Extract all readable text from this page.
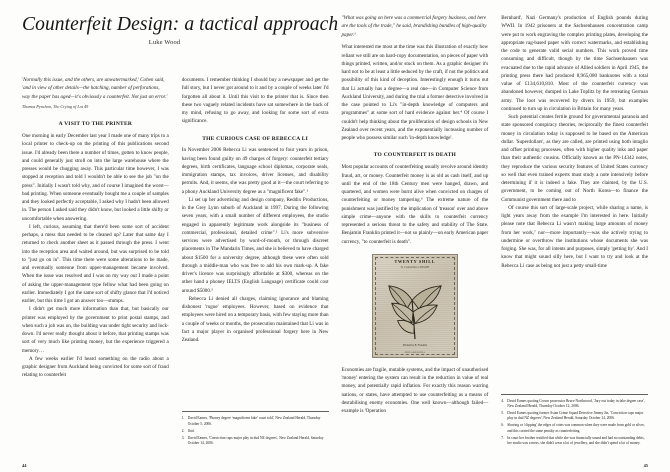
Counterfeit Design: a tactical approach
Luke Wood
'Normally this issue, and the others, are unwatermarked,' Cohen said, 'and in view of other details—the hatching, number of perforations, way the paper has aged—it's obviously a counterfeit. Not just an error.'
Thomas Pynchon, The Crying of Lot 49
A VISIT TO THE PRINTER

One morning in early December last year I made one of many trips to a local printer to check-up on the printing of this publications second issue. I'd already been there a number of times, gotten to know people, and could generally just stroll on into the large warehouse where the presses would be chugging away. This particular time however, I was stopped at reception and told I wouldn't be able to see the job "on the press". Initially I wasn't told why, and of course I imagined the worst—bad printing. When someone eventually bought me a couple of samples and they looked perfectly acceptable, I asked why I hadn't been allowed in. The person I asked said they didn't know, but looked a little shifty or uncomfortable when answering.

I left, curious, assuming that there'd been some sort of accident perhaps, a mess that needed to be cleaned up? Later that same day I returned to check another sheet as it passed through the press. I went into the reception area and waited around, but was surprised to be told to "just go on in". This time there were some alterations to be made, and eventually someone from upper-management became involved. When the issue was resolved and I was on my way out I made a point of asking the upper-management type fellow what had been going on earlier. Immediately I got the same sort of shifty glance that I'd noticed earlier, but this time I got an answer too—stumps.

I didn't get much more information than that, but basically our printer was employed by the government to print postal stamps, and when such a job was on, the building was under tight security and lock-down. I'd never really thought about it before, that printing stamps was sort of very much like printing money, but the experience triggered a memory…

A few weeks earlier I'd heard something on the radio about a graphic designer from Auckland being convicted for some sort of fraud relating to counterfeit

documents. I remember thinking I should buy a newspaper and get the full story, but I never got around to it and by a couple of weeks later I'd forgotten all about it. Until this visit to the printer that is. Since then these two vaguely related incidents have sat somewhere in the back of my mind, refusing to go away, and looking for some sort of extra significance.

THE CURIOUS CASE OF REBECCA LI

In November 2006 Rebecca Li was sentenced to four years in prison, having been found guilty on 49 charges of forgery: counterfeit tertiary degrees, birth certificates, language school diplomas, corporate seals, immigration stamps, tax invoices, driver licenses, and disability permits. And, it seems, she was pretty good at it—the court referring to a phony Auckland University degree as a "magnificent fake".¹

Li set up her advertising and design company, Reddix Productions, in the Grey Lynn suburb of Auckland in 1997. During the following seven years, with a small number of different employees, the studio engaged in apparently legitimate work alongside its "business of commercial, professional, detailed crime".² Li's more subversive services were advertised by word-of-mouth, or through discreet placements in The Mandarin Times, and she is believed to have charged about $1500 for a university degree, although these were often sold through a middle-man who was free to add his own mark-up. A fake driver's licence was surprisingly affordable at $300, whereas on the other hand a phoney IELTS (English Language) certificate could cost around $5000.³

Rebecca Li denied all charges, claiming ignorance and blaming dishonest 'rogue' employees. However, based on evidence that employees were hired on a temporary basis, with few staying more than a couple of weeks or months, the prosecution maintained that Li was in fact a major player in organised professional forgery here in New Zealand.

1. David Eames, 'Phoney degree ‘magnificent fake’ court told', New Zealand Herald, Thursday October 5, 2006.
2. Ibid.
3. David Eames, 'Conviction caps major play in dud NZ degrees', New Zealand Herald, Saturday October 14, 2006.
"What was going on here was a commercial forgery business, and here are the tools of the trade," he said, brandishing bundles of high-quality paper.¹

What interested me most at the time was this illustration of exactly how reliant we still are on hard-copy documentation, on pieces of paper with things printed, written, and/or stuck on them. As a graphic designer it's hard not to be at least a little seduced by the craft, if not the politics and possibility of this kind of deception. Interestingly enough it turns out that Li actually has a degree—a real one—in Computer Science from Auckland University, and during the trial a former detective involved in the case pointed to Li's "in-depth knowledge of computers and programmes" at some sort of hard evidence against her.⁴ Of course I couldn't help thinking about the proliferation of design schools in New Zealand over recent years, and the exponentially increasing number of people who possess similar such 'in-depth knowledge'.

TO COUNTERFEIT IS DEATH

Most popular accounts of counterfeiting usually revolve around identity fraud, art, or money. Counterfeit money is as old as cash itself, and up until the end of the 18th Century men were hanged, drawn, and quartered, and women were burnt alive when convicted on charges of counterfeiting or money tampering.⁶ The extreme nature of the punishment was justified by the implication of 'treason' over and above simple crime—anyone with the skills to counterfeit currency represented a serious threat to the safety and stability of The State. Benjamin Franklin printed it—not so plainly—on early American paper currency, "to counterfeit is death".

TWENTY SHILL
To Counterfeit is DEATH
Printed by B. Franklin
PHILADELPHIA

Economies are fragile, mutable systems, and the impact of unauthorised 'money' entering the system can result in the reduction in value of real money, and potentially rapid inflation. For exactly this reason warring nations, or states, have attempted to use counterfeiting as a means of destabilising enemy economies. One well known—although failed—example is 'Operation

Bernhard', Nazi Germany's production of English pounds during WWII. In 1942 prisoners at the Sachsenhausen concentration camp were put to work engraving the complex printing plates, developing the appropriate rag-based paper with correct watermarks, and establishing the code to generate valid serial numbers. This work proved time consuming and difficult, though by the time Sachsenhausen was evacuated due to the rapid advance of Allied soldiers in April 1945, the printing press there had produced 8,965,080 banknotes with a total value of £134,610,810. Most of the counterfeit currency was abandoned however, dumped in Lake Toplitz by the retreating German army. The loot was recovered by divers in 1959, but examples continued to turn up in circulation in Britain for many years.

Such potential creates fertile ground for governmental paranoia and state sponsored conspiracy theories, reciprocally the finest counterfeit money in circulation today is supposed to be based on the American dollar. 'Superdollars', as they are called, are printed using both intaglio and offset printing processes, often with higher quality inks and paper than their authentic cousins. Officially known as the PN-14342 notes, they reproduce the various security features of United States currency so well that even trained experts must study a note intensively before determining if it is indeed a fake. They are claimed, by the U.S. government, to be coming out of North Korea—to finance the Communist government there and to

Of course this sort of large-scale project, while sharing a name, is light years away from the example I'm interested in here. Initially please note that Rebecca Li wasn't making large amounts of money from her work,⁷ nor—more importantly—was she actively trying to undermine or overthrow the institutions whose documents she was forging. She was, for all intents and purposes, simply 'getting by'. And I know that might sound silly here, but I want to try and look at the Rebecca Li case as being not just a petty small-time

4. David Eames quoting Crown prosecutor Bruce Northwood, 'Jury out today in fake degree case', New Zealand Herald, Thursday October 12, 2006.
5. David Eames quoting former Asian Crime Squad Detective Jimmy Jin, 'Conviction caps major play in dud NZ degrees', New Zealand Herald, Saturday October 14, 2006.
6. Shaving or 'clipping' the edges of coins was common when they were made from gold or silver, and this carried the same penalty as counterfeiting.
7. In court her brother testified that while she was financially sound and had no outstanding debts, her studio was a mess, she didn't wear a lot of jewellery, and she didn't spend a lot of money.
44	45
